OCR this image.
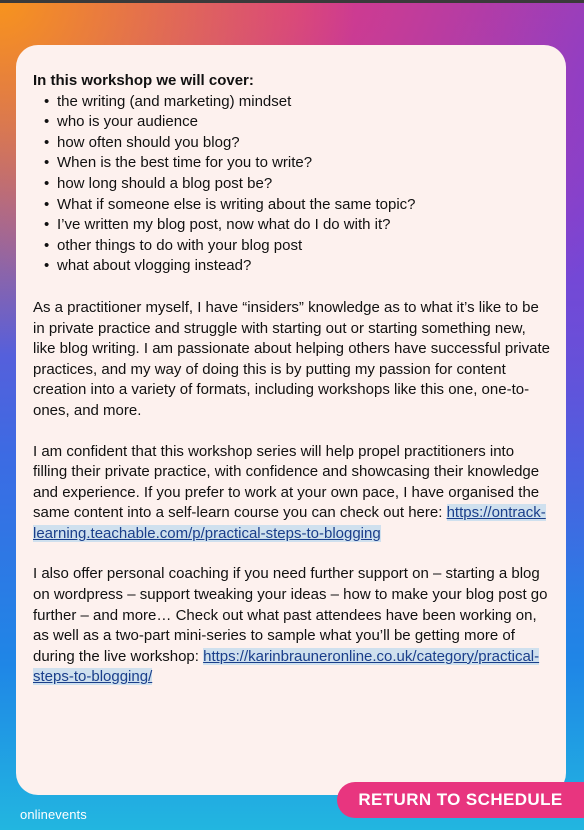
In this workshop we will cover:

• the writing (and marketing) mindset
• who is your audience
• how often should you blog?
• When is the best time for you to write?
• how long should a blog post be?
• What if someone else is writing about the same topic?
• I’ve written my blog post, now what do I do with it?
• other things to do with your blog post
• what about vlogging instead?

As a practitioner myself, I have “insiders” knowledge as to what it’s like to be in private practice and struggle with starting out or starting something new, like blog writing. I am passionate about helping others have successful private practices, and my way of doing this is by putting my passion for content creation into a variety of formats, including workshops like this one, one-to-ones, and more.

I am confident that this workshop series will help propel practitioners into filling their private practice, with confidence and showcasing their knowledge and experience. If you prefer to work at your own pace, I have organised the same content into a self-learn course you can check out here: https://ontrack-learning.teachable.com/p/practical-steps-to-blogging

I also offer personal coaching if you need further support on – starting a blog on wordpress – support tweaking your ideas – how to make your blog post go further – and more… Check out what past attendees have been working on, as well as a two-part mini-series to sample what you’ll be getting more of during the live workshop: https://karinbrauneronline.co.uk/category/practical-steps-to-blogging/

RETURN TO SCHEDULE
onlinevents
